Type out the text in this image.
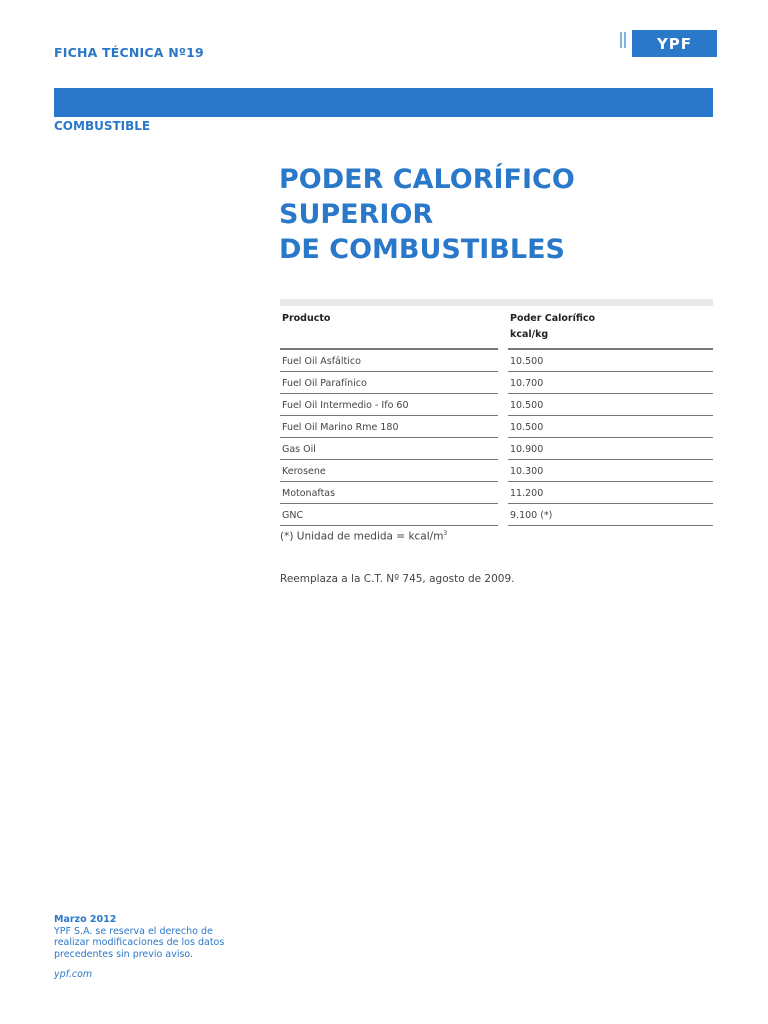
FICHA TÉCNICA Nº19	YPF
COMBUSTIBLE
PODER CALORÍFICO
SUPERIOR
DE COMBUSTIBLES
Producto	Poder Calorífico
kcal/kg

Fuel Oil Asfáltico	10.500
Fuel Oil Parafínico	10.700
Fuel Oil Intermedio - Ifo 60	10.500
Fuel Oil Marino Rme 180	10.500
Gas Oil	10.900
Kerosene	10.300
Motonaftas	11.200
GNC	9.100 (*)
(*) Unidad de medida = kcal/$m^3$
Reemplaza a la C.T. Nº 745, agosto de 2009.
Marzo 2012
YPF S.A. se reserva el derecho de realizar modificaciones de los datos precedentes sin previo aviso.
ypf.com
